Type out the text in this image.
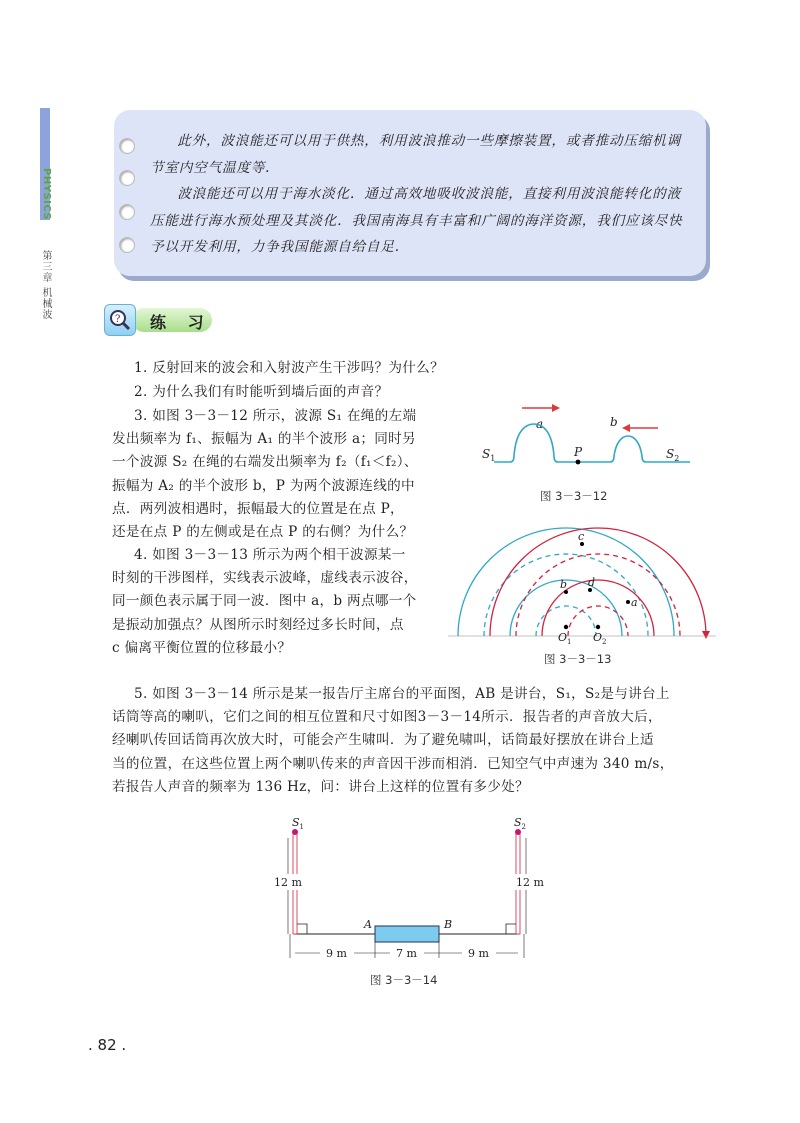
PHYSICS
第三章 机械波

此外，波浪能还可以用于供热，利用波浪推动一些摩擦装置，或者推动压缩机调节室内空气温度等.

波浪能还可以用于海水淡化．通过高效地吸收波浪能，直接利用波浪能转化的液压能进行海水预处理及其淡化．我国南海具有丰富和广阔的海洋资源，我们应该尽快予以开发利用，力争我国能源自给自足.

? 练 习
1. 反射回来的波会和入射波产生干涉吗？为什么？
2. 为什么我们有时能听到墙后面的声音？
3. 如图 3－3－12 所示，波源 S₁ 在绳的左端
发出频率为 f₁、振幅为 A₁ 的半个波形 a；同时另
一个波源 S₂ 在绳的右端发出频率为 f₂（f₁＜f₂）、
振幅为 A₂ 的半个波形 b，P 为两个波源连线的中
点．两列波相遇时，振幅最大的位置是在点 P，
还是在点 P 的左侧或是在点 P 的右侧？为什么？
4. 如图 3－3－13 所示为两个相干波源某一
时刻的干涉图样，实线表示波峰，虚线表示波谷，
同一颜色表示属于同一波．图中 a，b 两点哪一个
是振动加强点？从图所示时刻经过多长时间，点
c 偏离平衡位置的位移最小？
5. 如图 3－3－14 所示是某一报告厅主席台的平面图，AB 是讲台，S₁，S₂是与讲台上
话筒等高的喇叭，它们之间的相互位置和尺寸如图3－3－14所示．报告者的声音放大后，
经喇叭传回话筒再次放大时，可能会产生啸叫．为了避免啸叫，话筒最好摆放在讲台上适
当的位置，在这些位置上两个喇叭传来的声音因干涉而相消．已知空气中声速为 340 m/s，
若报告人声音的频率为 136 Hz，问：讲台上这样的位置有多少处？
a	b
P
$S_1$	$S_2$
图 3－3－12
c
b d
a
$O_1$ $O_2$
图 3－3－13
$S_1$	$S_2$
12 m	12 m
A	B
9 m	7 m	9 m
图 3－3－14
. 82 .
